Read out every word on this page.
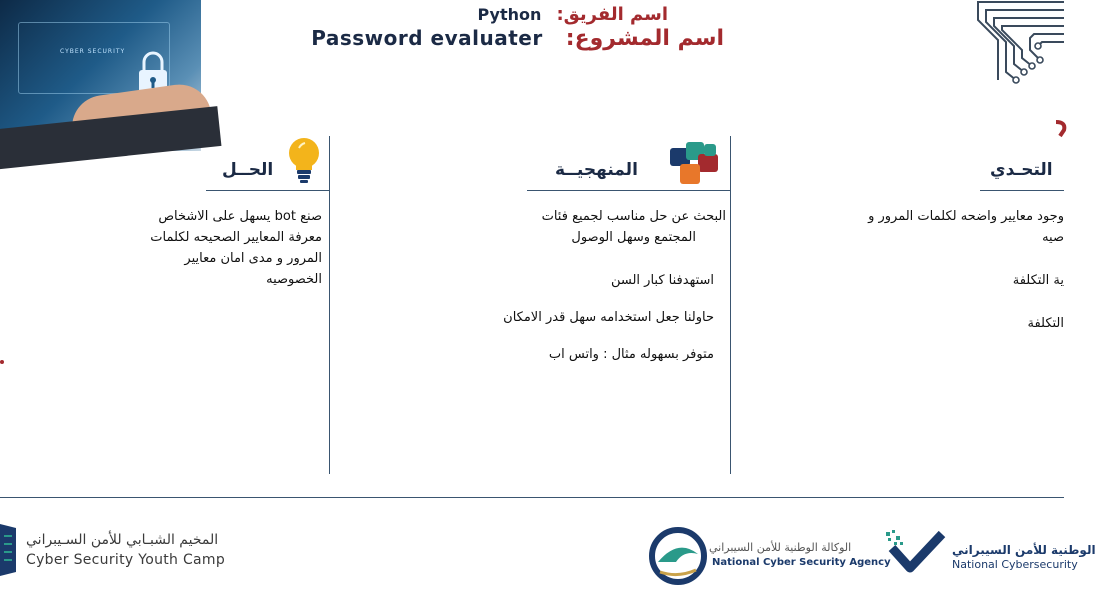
CYBER SECURITY
اسم الفريق: Python
اسم المشروع: Password evaluater
التحـدي

وجود معايير واضحه لكلمات المرور و

صيه

ية التكلفة

التكلفة

المنهجيــة

البحث عن حل مناسب لجميع فئات

المجتمع وسهل الوصول

استهدفنا كبار السن

حاولنا جعل استخدامه سهل قدر الامكان

متوفر بسهوله مثال : واتس اب

الحــل

صنع bot يسهل على الاشخاص

معرفة المعايير الصحيحه لكلمات

المرور و مدى امان معايير

الخصوصيه

المخيم الشبـابي للأمن السـيبراني
Cyber Security Youth Camp
الوكالة الوطنية للأمن السيبراني
National Cyber Security Agency
الوطنية للأمن السيبراني
National Cybersecurity
